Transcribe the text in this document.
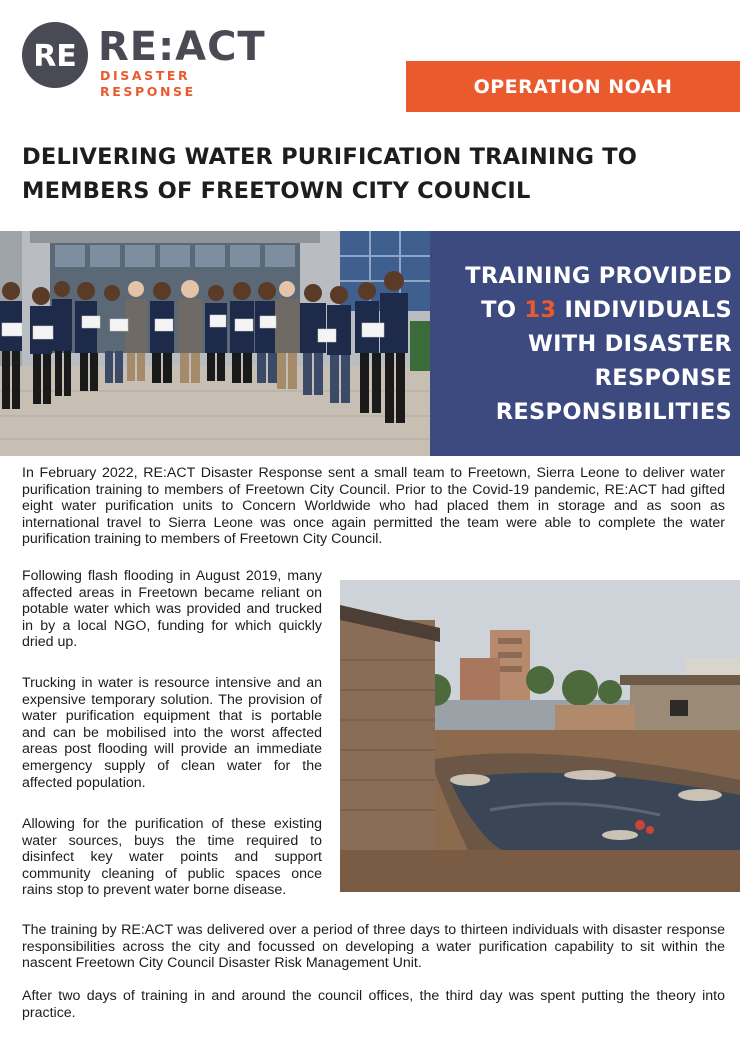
RE RE:ACT
DISASTER RESPONSE	OPERATION NOAH
DELIVERING WATER PURIFICATION TRAINING TO
MEMBERS OF FREETOWN CITY COUNCIL
TRAINING PROVIDED
TO 13 INDIVIDUALS
WITH DISASTER
RESPONSE
RESPONSIBILITIES

In February 2022, RE:ACT Disaster Response sent a small team to Freetown, Sierra Leone to deliver water purification training to members of Freetown City Council. Prior to the Covid-19 pandemic, RE:ACT had gifted eight water purification units to Concern Worldwide who had placed them in storage and as soon as international travel to Sierra Leone was once again permitted the team were able to complete the water purification training to members of Freetown City Council.

Following flash flooding in August 2019, many affected areas in Freetown became reliant on potable water which was provided and trucked in by a local NGO, funding for which quickly dried up.

Trucking in water is resource intensive and an expensive temporary solution. The provision of water purification equipment that is portable and can be mobilised into the worst affected areas post flooding will provide an immediate emergency supply of clean water for the affected population.

Allowing for the purification of these existing water sources, buys the time required to disinfect key water points and support community cleaning of public spaces once rains stop to prevent water borne disease.

The training by RE:ACT was delivered over a period of three days to thirteen individuals with disaster response responsibilities across the city and focussed on developing a water purification capability to sit within the nascent Freetown City Council Disaster Risk Management Unit.

After two days of training in and around the council offices, the third day was spent putting the theory into practice.
